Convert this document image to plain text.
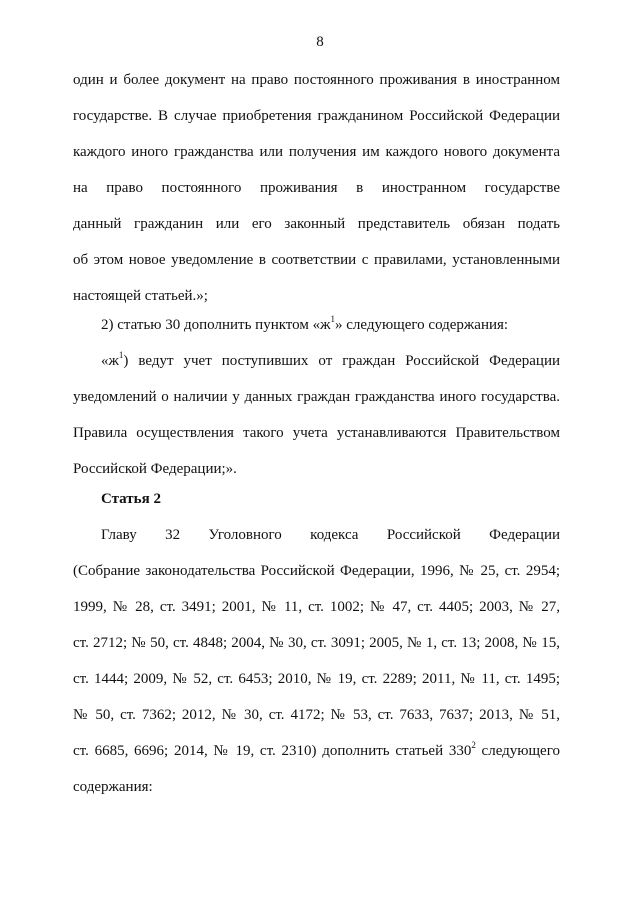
8
один и более документ на право постоянного проживания в иностранном
государстве. В случае приобретения гражданином Российской Федерации
каждого иного гражданства или получения им каждого нового документа
на право постоянного проживания в иностранном государстве
данный гражданин или его законный представитель обязан подать
об этом новое уведомление в соответствии с правилами, установленными
настоящей статьей.»;
2) статью 30 дополнить пунктом «$ж^1$» следующего содержания:
«$ж^1$) ведут учет поступивших от граждан Российской Федерации
уведомлений о наличии у данных граждан гражданства иного государства.
Правила осуществления такого учета устанавливаются Правительством
Российской Федерации;».
Статья 2
Главу 32 Уголовного кодекса Российской Федерации
(Собрание законодательства Российской Федерации, 1996, № 25, ст. 2954;
1999, № 28, ст. 3491; 2001, № 11, ст. 1002; № 47, ст. 4405; 2003, № 27,
ст. 2712; № 50, ст. 4848; 2004, № 30, ст. 3091; 2005, № 1, ст. 13; 2008, № 15,
ст. 1444; 2009, № 52, ст. 6453; 2010, № 19, ст. 2289; 2011, № 11, ст. 1495;
№ 50, ст. 7362; 2012, № 30, ст. 4172; № 53, ст. 7633, 7637; 2013, № 51,
ст. 6685, 6696; 2014, № 19, ст. 2310) дополнить статьей $330^2$ следующего
содержания:
